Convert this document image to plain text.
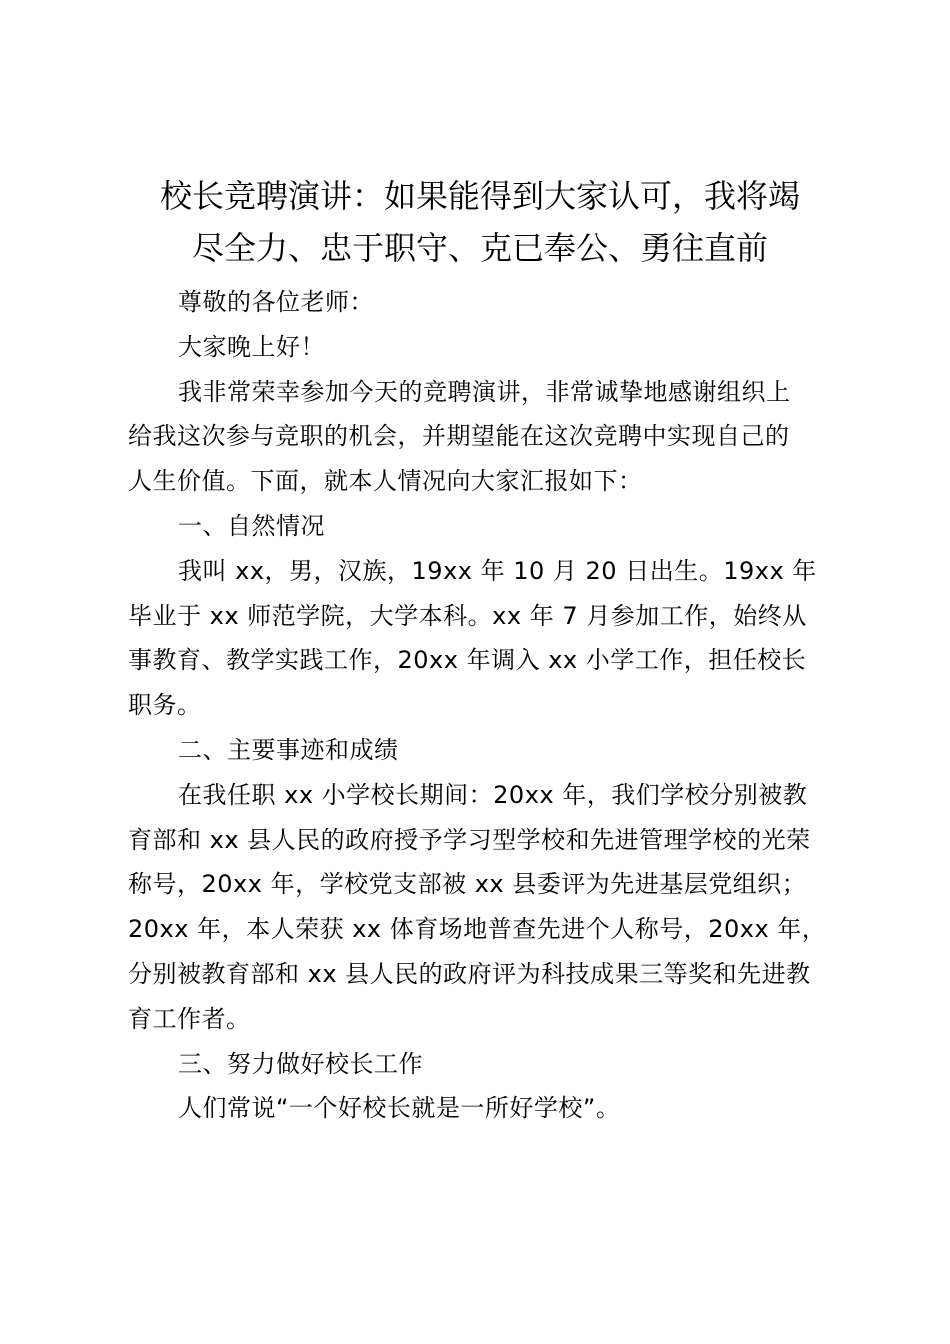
校长竞聘演讲：如果能得到大家认可，我将竭
尽全力、忠于职守、克已奉公、勇往直前

尊敬的各位老师：

大家晚上好！

我非常荣幸参加今天的竞聘演讲，非常诚挚地感谢组织上
给我这次参与竞职的机会，并期望能在这次竞聘中实现自己的
人生价值。下面，就本人情况向大家汇报如下：

一、自然情况

我叫 xx，男，汉族，19xx 年 10 月 20 日出生。19xx 年
毕业于 xx 师范学院，大学本科。xx 年 7 月参加工作，始终从
事教育、教学实践工作，20xx 年调入 xx 小学工作，担任校长
职务。

二、主要事迹和成绩

在我任职 xx 小学校长期间：20xx 年，我们学校分别被教
育部和 xx 县人民的政府授予学习型学校和先进管理学校的光荣
称号，20xx 年，学校党支部被 xx 县委评为先进基层党组织；
20xx 年，本人荣获 xx 体育场地普查先进个人称号，20xx 年，
分别被教育部和 xx 县人民的政府评为科技成果三等奖和先进教
育工作者。

三、努力做好校长工作

人们常说“一个好校长就是一所好学校”。
